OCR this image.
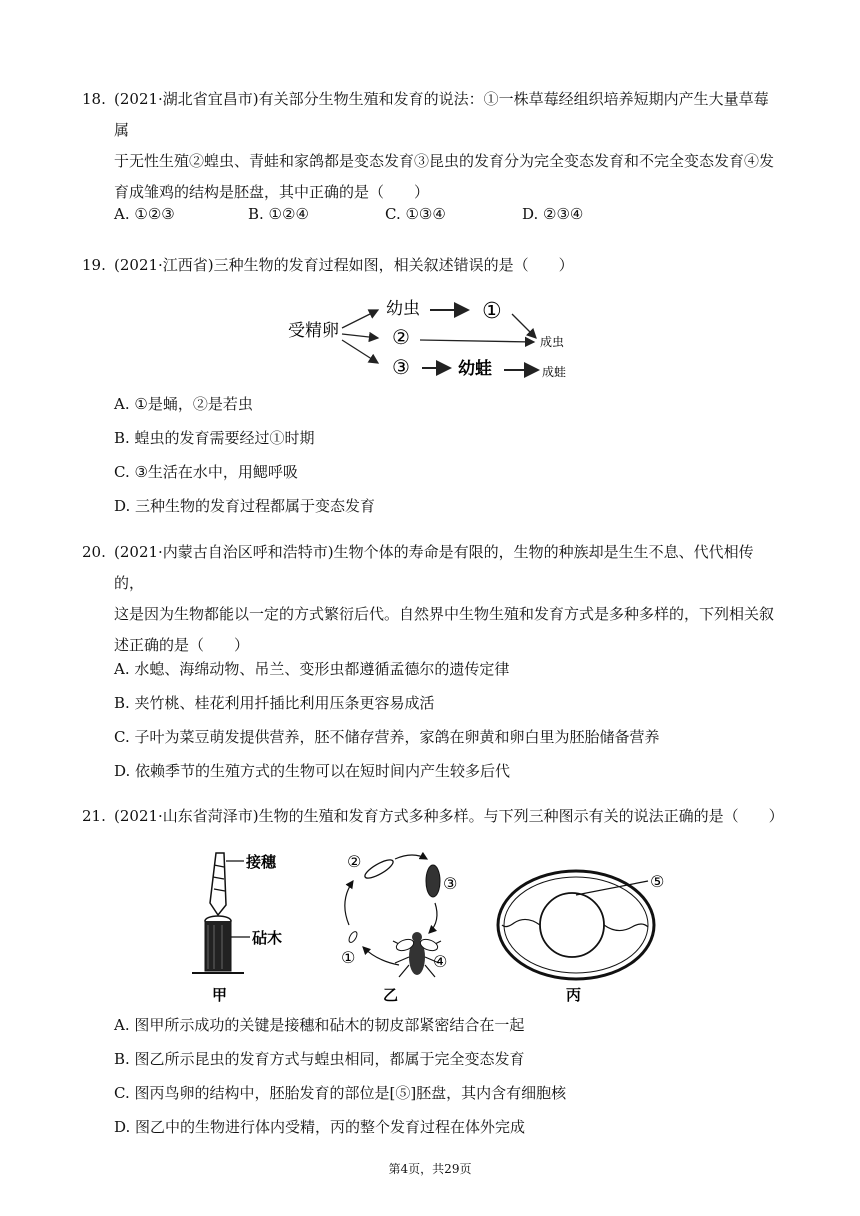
18. (2021·湖北省宜昌市)有关部分生物生殖和发育的说法：①一株草莓经组织培养短期内产生大量草莓属
于无性生殖②蝗虫、青蛙和家鸽都是变态发育③昆虫的发育分为完全变态发育和不完全变态发育④发
育成雏鸡的结构是胚盘，其中正确的是（　　）
A. ①②③	B. ①②④	C. ①③④	D. ②③④
19. (2021·江西省)三种生物的发育过程如图，相关叙述错误的是（　　）
受精卵
幼虫	①
②	成虫
③	幼蛙	成蛙
A. ①是蛹，②是若虫
B. 蝗虫的发育需要经过①时期
C. ③生活在水中，用鳃呼吸
D. 三种生物的发育过程都属于变态发育
20. (2021·内蒙古自治区呼和浩特市)生物个体的寿命是有限的，生物的种族却是生生不息、代代相传的，
这是因为生物都能以一定的方式繁衍后代。自然界中生物生殖和发育方式是多种多样的，下列相关叙
述正确的是（　　）
A. 水螅、海绵动物、吊兰、变形虫都遵循孟德尔的遗传定律
B. 夹竹桃、桂花利用扦插比利用压条更容易成活
C. 子叶为菜豆萌发提供营养，胚不储存营养，家鸽在卵黄和卵白里为胚胎储备营养
D. 依赖季节的生殖方式的生物可以在短时间内产生较多后代
21. (2021·山东省菏泽市)生物的生殖和发育方式多种多样。与下列三种图示有关的说法正确的是（　　）
接穗
砧木
甲
②
③
④
①
乙
⑤
丙
A. 图甲所示成功的关键是接穗和砧木的韧皮部紧密结合在一起
B. 图乙所示昆虫的发育方式与蝗虫相同，都属于完全变态发育
C. 图丙鸟卵的结构中，胚胎发育的部位是[⑤]胚盘，其内含有细胞核
D. 图乙中的生物进行体内受精，丙的整个发育过程在体外完成
第4页，共29页
